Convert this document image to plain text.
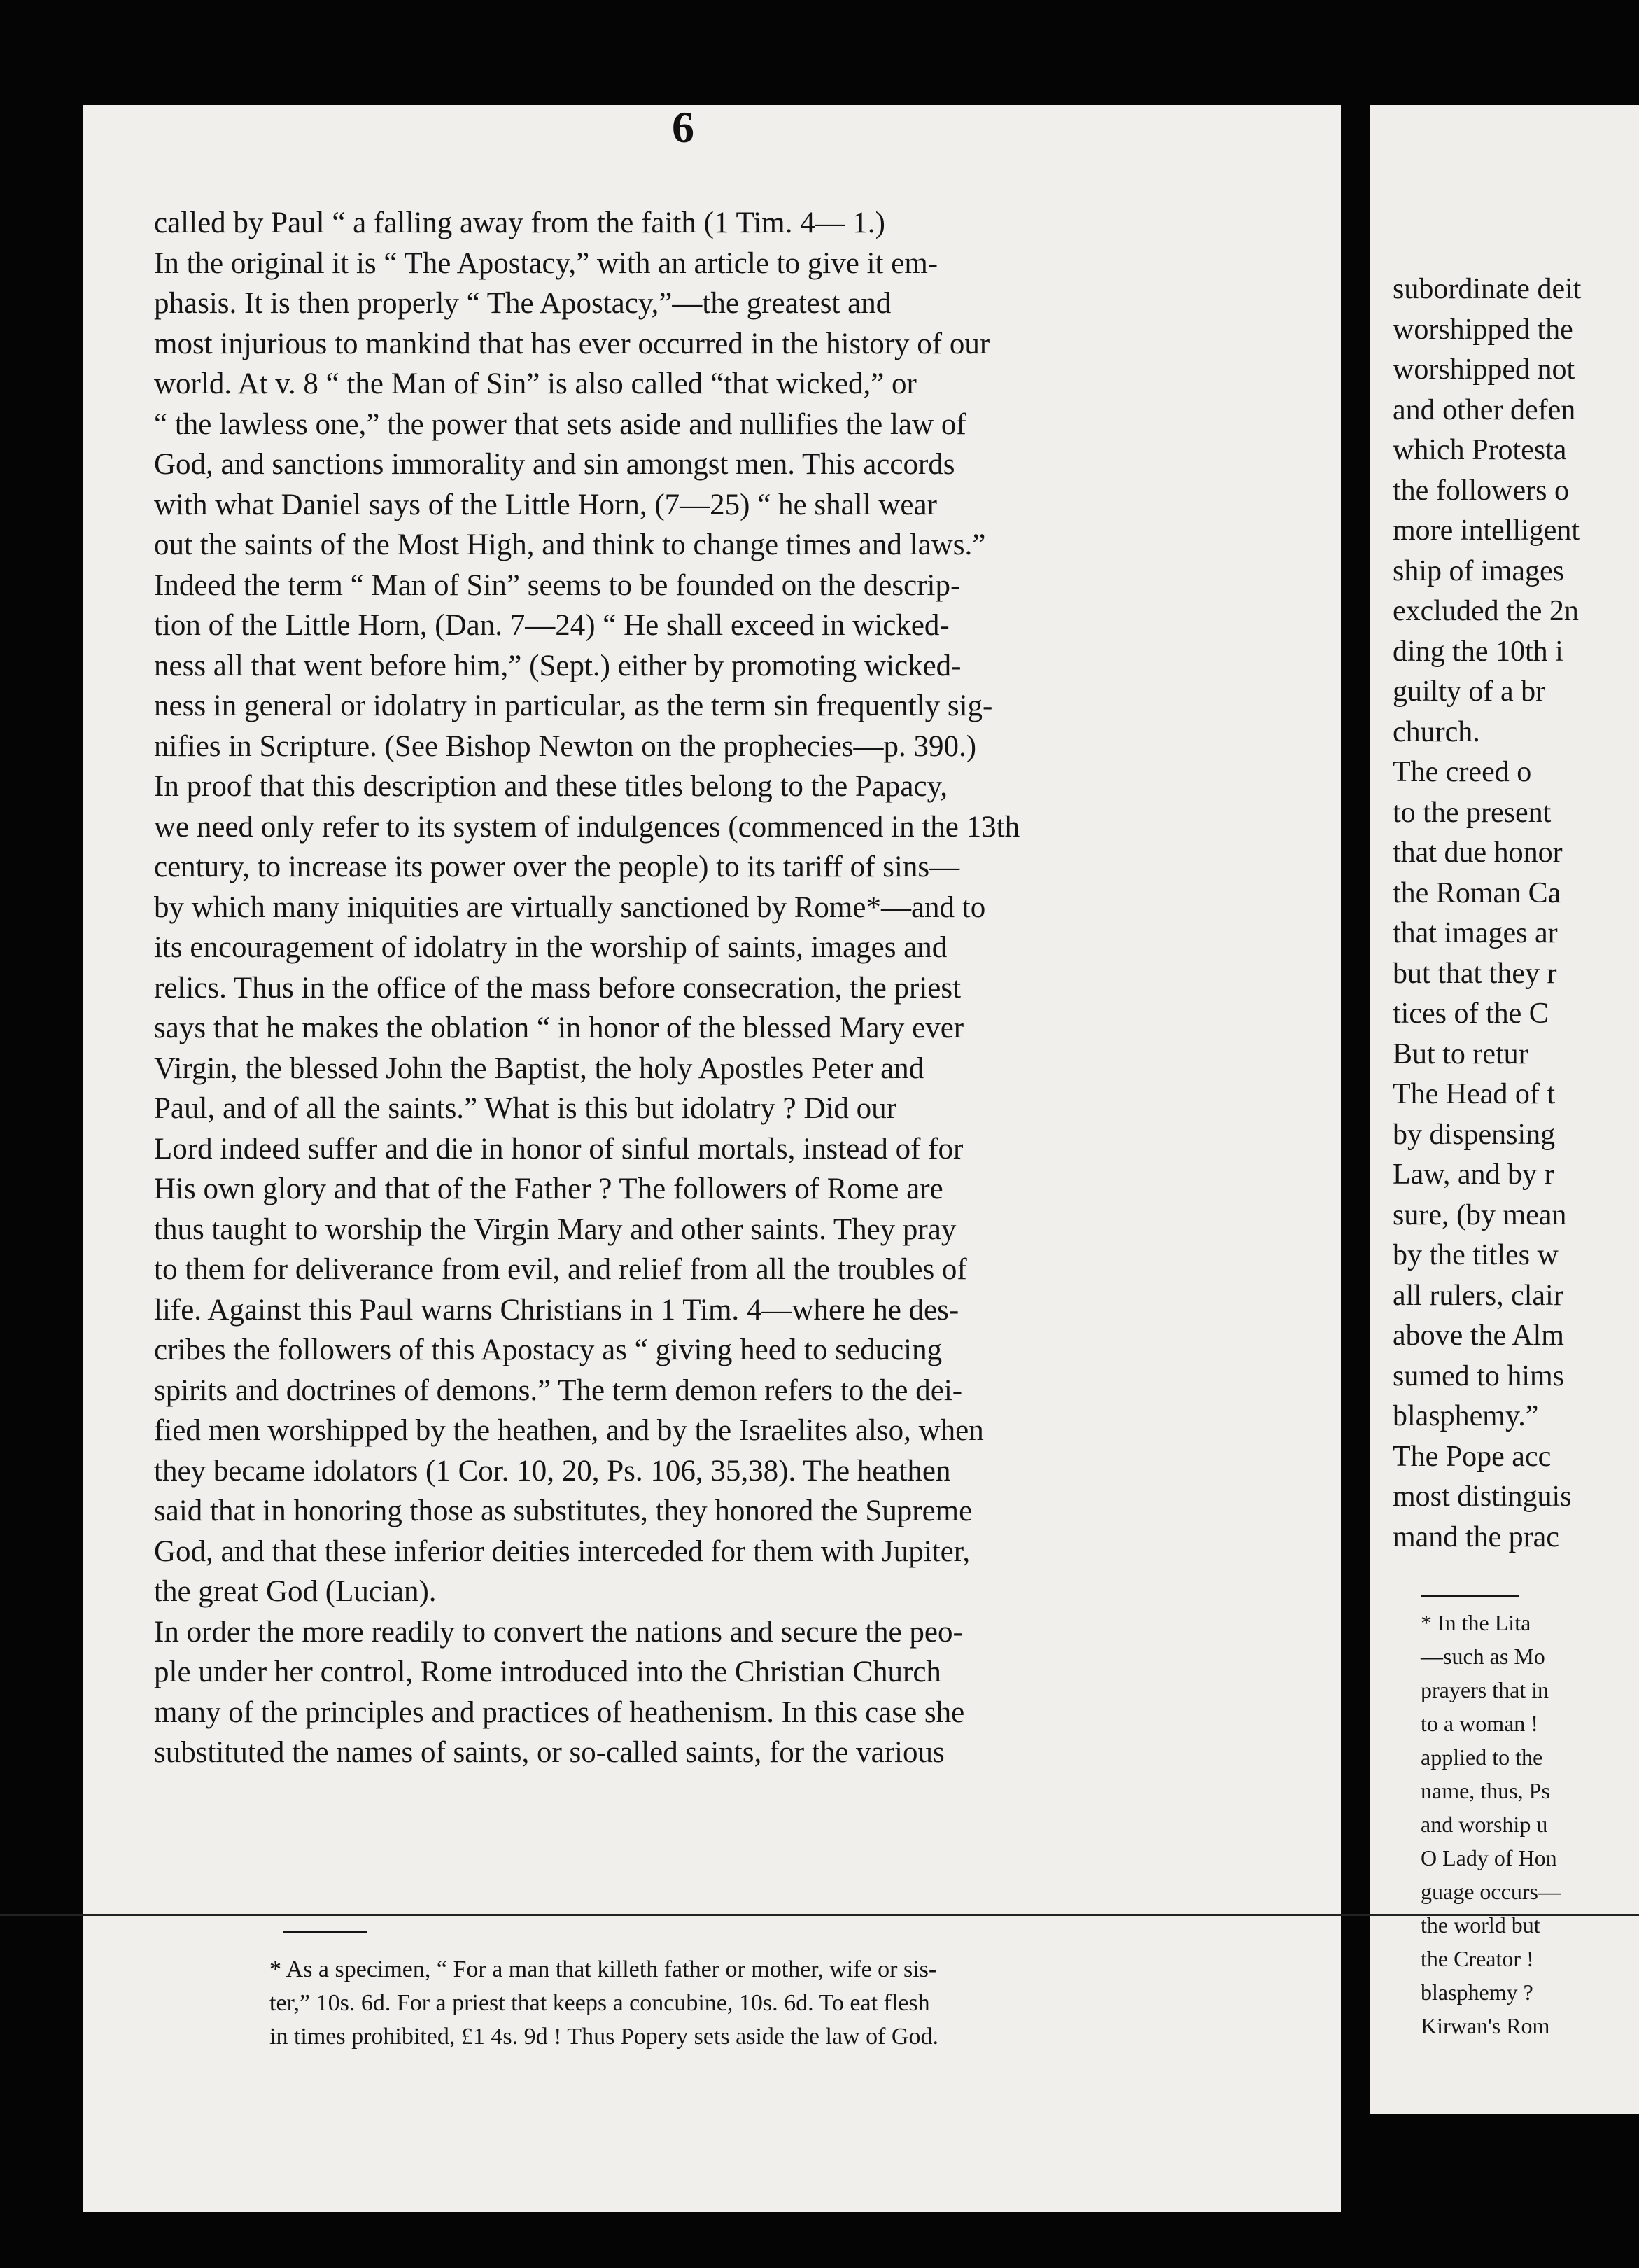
6
called by Paul “ a falling away from the faith (1 Tim. 4— 1.)
In the original it is “ The Apostacy,” with an article to give it em-
phasis. It is then properly “ The Apostacy,”—the greatest and
most injurious to mankind that has ever occurred in the history of our
world. At v. 8 “ the Man of Sin” is also called “that wicked,” or
“ the lawless one,” the power that sets aside and nullifies the law of
God, and sanctions immorality and sin amongst men. This accords
with what Daniel says of the Little Horn, (7—25) “ he shall wear
out the saints of the Most High, and think to change times and laws.”
Indeed the term “ Man of Sin” seems to be founded on the descrip-
tion of the Little Horn, (Dan. 7—24) “ He shall exceed in wicked-
ness all that went before him,” (Sept.) either by promoting wicked-
ness in general or idolatry in particular, as the term sin frequently sig-
nifies in Scripture. (See Bishop Newton on the prophecies—p. 390.)
In proof that this description and these titles belong to the Papacy,
we need only refer to its system of indulgences (commenced in the 13th
century, to increase its power over the people) to its tariff of sins—
by which many iniquities are virtually sanctioned by Rome*—and to
its encouragement of idolatry in the worship of saints, images and
relics. Thus in the office of the mass before consecration, the priest
says that he makes the oblation “ in honor of the blessed Mary ever
Virgin, the blessed John the Baptist, the holy Apostles Peter and
Paul, and of all the saints.” What is this but idolatry ? Did our
Lord indeed suffer and die in honor of sinful mortals, instead of for
His own glory and that of the Father ? The followers of Rome are
thus taught to worship the Virgin Mary and other saints. They pray
to them for deliverance from evil, and relief from all the troubles of
life. Against this Paul warns Christians in 1 Tim. 4—where he des-
cribes the followers of this Apostacy as “ giving heed to seducing
spirits and doctrines of demons.” The term demon refers to the dei-
fied men worshipped by the heathen, and by the Israelites also, when
they became idolators (1 Cor. 10, 20, Ps. 106, 35,38). The heathen
said that in honoring those as substitutes, they honored the Supreme
God, and that these inferior deities interceded for them with Jupiter,
the great God (Lucian).
In order the more readily to convert the nations and secure the peo-
ple under her control, Rome introduced into the Christian Church
many of the principles and practices of heathenism. In this case she
substituted the names of saints, or so-called saints, for the various
* As a specimen, “ For a man that killeth father or mother, wife or sis-
ter,” 10s. 6d. For a priest that keeps a concubine, 10s. 6d. To eat flesh
in times prohibited, £1 4s. 9d ! Thus Popery sets aside the law of God.
subordinate deit
worshipped the
worshipped not
and other defen
which Protesta
the followers o
more intelligent
ship of images
excluded the 2n
ding the 10th i
guilty of a br
church.
The creed o
to the present
that due honor
the Roman Ca
that images ar
but that they r
tices of the C
But to retur
The Head of t
by dispensing
Law, and by r
sure, (by mean
by the titles w
all rulers, clair
above the Alm
sumed to hims
blasphemy.”
The Pope acc
most distinguis
mand the prac
* In the Lita
—such as Mo
prayers that in
to a woman !
applied to the
name, thus, Ps
and worship u
O Lady of Hon
guage occurs—
the world but
the Creator !
blasphemy ?
Kirwan's Rom
